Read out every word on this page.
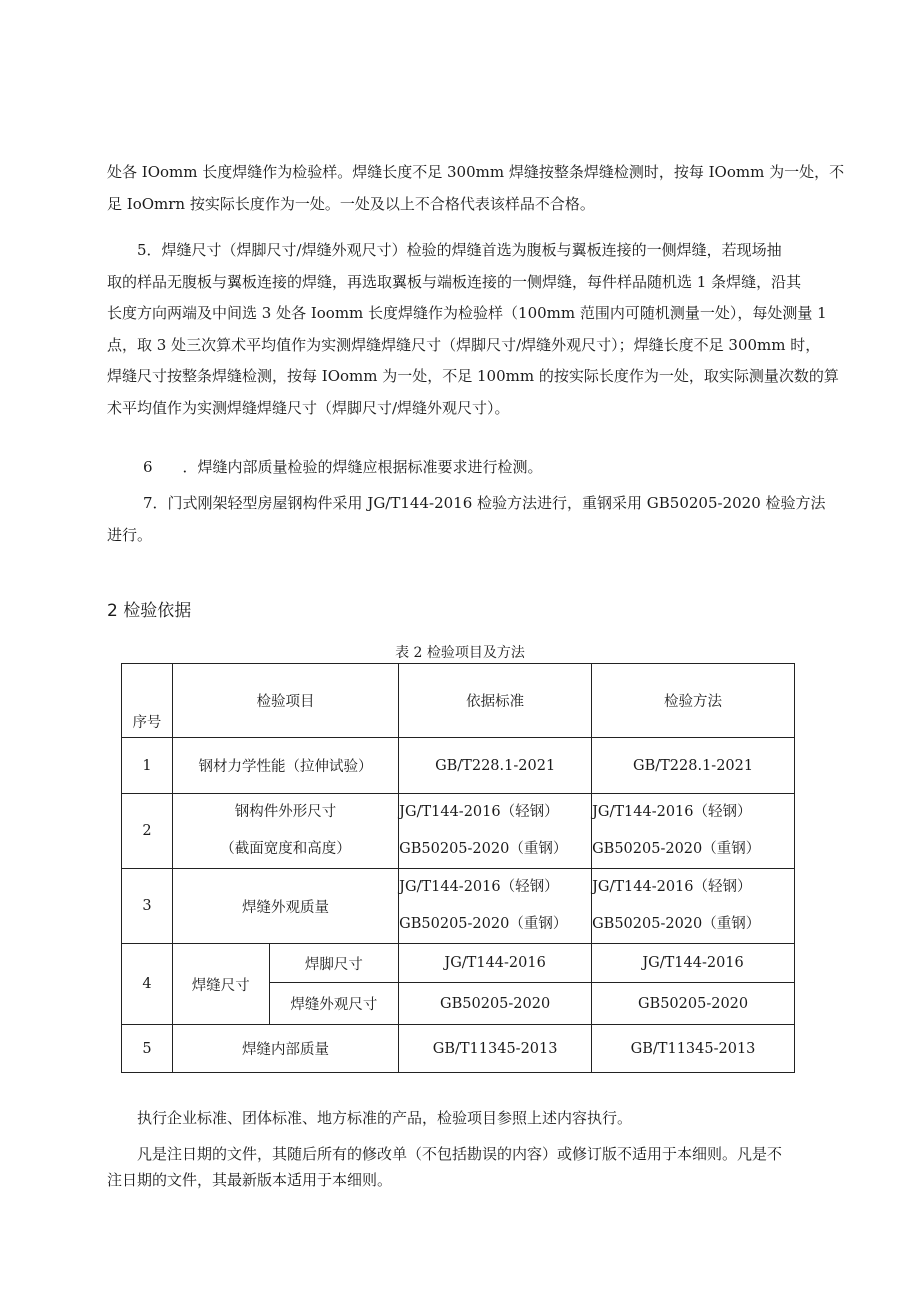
处各 IOomm 长度焊缝作为检验样。焊缝长度不足 300mm 焊缝按整条焊缝检测时，按每 IOomm 为一处，不
足 IoOmrn 按实际长度作为一处。一处及以上不合格代表该样品不合格。
5．焊缝尺寸（焊脚尺寸/焊缝外观尺寸）检验的焊缝首选为腹板与翼板连接的一侧焊缝，若现场抽
取的样品无腹板与翼板连接的焊缝，再选取翼板与端板连接的一侧焊缝，每件样品随机选 1 条焊缝，沿其
长度方向两端及中间选 3 处各 Ioomm 长度焊缝作为检验样（100mm 范围内可随机测量一处），每处测量 1
点，取 3 处三次算术平均值作为实测焊缝焊缝尺寸（焊脚尺寸/焊缝外观尺寸）；焊缝长度不足 300mm 时，
焊缝尺寸按整条焊缝检测，按每 IOomm 为一处，不足 100mm 的按实际长度作为一处，取实际测量次数的算
术平均值作为实测焊缝焊缝尺寸（焊脚尺寸/焊缝外观尺寸）。
6　　．焊缝内部质量检验的焊缝应根据标准要求进行检测。
7．门式刚架轻型房屋钢构件采用 JG/T144-2016 检验方法进行，重钢采用 GB50205-2020 检验方法
进行。
2 检验依据
表 2 检验项目及方法
序号	检验项目		依据标准	检验方法
1	钢材力学性能（拉伸试验）		GB/T228.1-2021	GB/T228.1-2021
2	钢构件外形尺寸
（截面宽度和高度）		JG/T144-2016（轻钢）
GB50205-2020（重钢）	JG/T144-2016（轻钢）
GB50205-2020（重钢）

3	焊缝外观质量		JG/T144-2016（轻钢）
GB50205-2020（重钢）	JG/T144-2016（轻钢）
GB50205-2020（重钢）

4	焊缝尺寸	焊脚尺寸	JG/T144-2016	JG/T144-2016
		焊缝外观尺寸	GB50205-2020	GB50205-2020
5	焊缝内部质量		GB/T11345-2013	GB/T11345-2013
执行企业标准、团体标准、地方标准的产品，检验项目参照上述内容执行。
凡是注日期的文件，其随后所有的修改单（不包括勘误的内容）或修订版不适用于本细则。凡是不
注日期的文件，其最新版本适用于本细则。
